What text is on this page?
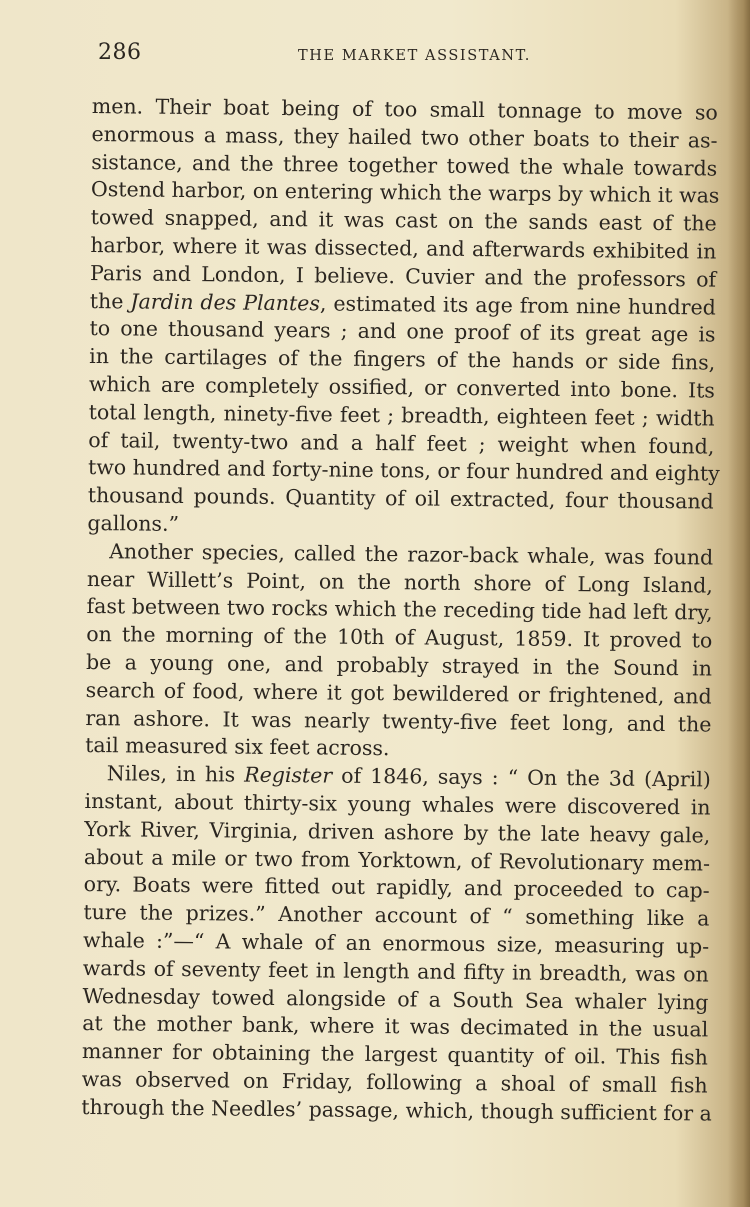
286	THE MARKET ASSISTANT.
men. Their boat being of too small tonnage to move so
enormous a mass, they hailed two other boats to their as-
sistance, and the three together towed the whale towards
Ostend harbor, on entering which the warps by which it was
towed snapped, and it was cast on the sands east of the
harbor, where it was dissected, and afterwards exhibited in
Paris and London, I believe. Cuvier and the professors of
the Jardin des Plantes, estimated its age from nine hundred
to one thousand years ; and one proof of its great age is
in the cartilages of the fingers of the hands or side fins,
which are completely ossified, or converted into bone. Its
total length, ninety-five feet ; breadth, eighteen feet ; width
of tail, twenty-two and a half feet ; weight when found,
two hundred and forty-nine tons, or four hundred and eighty
thousand pounds. Quantity of oil extracted, four thousand
gallons.”
Another species, called the razor-back whale, was found
near Willett’s Point, on the north shore of Long Island,
fast between two rocks which the receding tide had left dry,
on the morning of the 10th of August, 1859. It proved to
be a young one, and probably strayed in the Sound in
search of food, where it got bewildered or frightened, and
ran ashore. It was nearly twenty-five feet long, and the
tail measured six feet across.
Niles, in his Register of 1846, says : “ On the 3d (April)
instant, about thirty-six young whales were discovered in
York River, Virginia, driven ashore by the late heavy gale,
about a mile or two from Yorktown, of Revolutionary mem-
ory. Boats were fitted out rapidly, and proceeded to cap-
ture the prizes.” Another account of “ something like a
whale :”—“ A whale of an enormous size, measuring up-
wards of seventy feet in length and fifty in breadth, was on
Wednesday towed alongside of a South Sea whaler lying
at the mother bank, where it was decimated in the usual
manner for obtaining the largest quantity of oil. This fish
was observed on Friday, following a shoal of small fish
through the Needles’ passage, which, though sufficient for a
